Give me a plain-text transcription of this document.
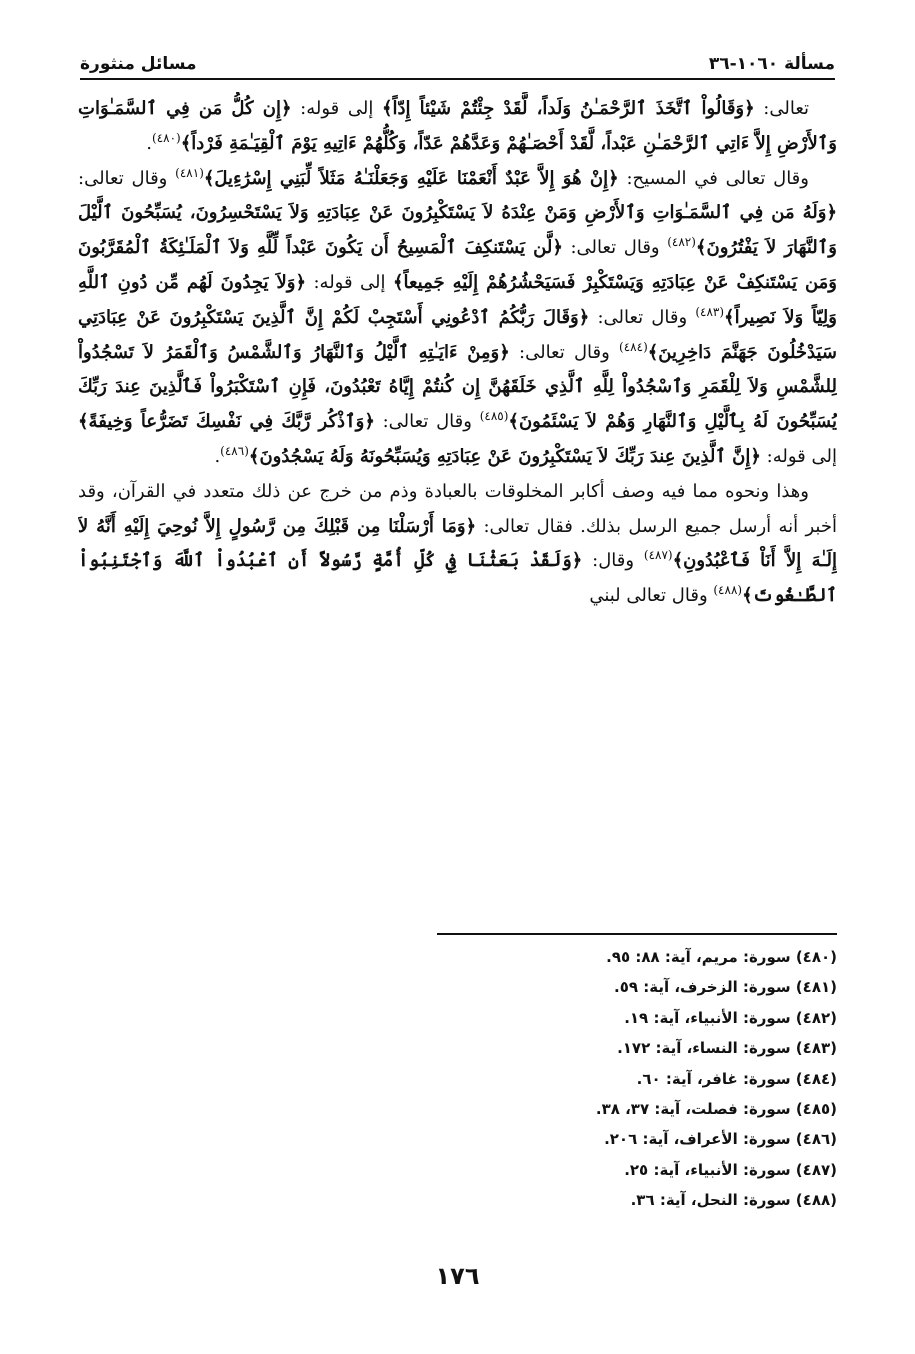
مسألة ١٠٦٠-٣٦
مسائل منثورة

تعالى: ﴿وَقَالُواْ ٱتَّخَذَ ٱلرَّحْمَـٰنُ وَلَداً، لَّقَدْ جِئْتُمْ شَيْئاً إِدّاً﴾ إلى قوله: ﴿إِن كُلُّ مَن فِي ٱلسَّمَـٰوَاتِ وَٱلأَرْضِ إِلاَّ ءَاتِي ٱلرَّحْمَـٰنِ عَبْداً، لَّقَدْ أَحْصَـٰهُمْ وَعَدَّهُمْ عَدّاً، وَكُلُّهُمْ ءَاتِيهِ يَوْمَ ٱلْقِيَـٰمَةِ فَرْداً﴾$^{(٤٨٠)}$.

وقال تعالى في المسيح: ﴿إِنْ هُوَ إِلاَّ عَبْدٌ أَنْعَمْنَا عَلَيْهِ وَجَعَلْنَـٰهُ مَثَلاً لِّبَنِي إِسْرَٰءِيلَ﴾$^{(٤٨١)}$ وقال تعالى: ﴿وَلَهُ مَن فِي ٱلسَّمَـٰوَاتِ وَٱلأَرْضِ وَمَنْ عِنْدَهُ لاَ يَسْتَكْبِرُونَ عَنْ عِبَادَتِهِ وَلاَ يَسْتَحْسِرُونَ، يُسَبِّحُونَ ٱلَّيْلَ وَٱلنَّهَارَ لاَ يَفْتُرُونَ﴾$^{(٤٨٢)}$ وقال تعالى: ﴿لَّن يَسْتَنكِفَ ٱلْمَسِيحُ أَن يَكُونَ عَبْداً لِّلَّهِ وَلاَ ٱلْمَلَـٰئِكَةُ ٱلْمُقَرَّبُونَ وَمَن يَسْتَنكِفْ عَنْ عِبَادَتِهِ وَيَسْتَكْبِرْ فَسَيَحْشُرُهُمْ إِلَيْهِ جَمِيعاً﴾ إلى قوله: ﴿وَلاَ يَجِدُونَ لَهُم مِّن دُونِ ٱللَّهِ وَلِيّاً وَلاَ نَصِيراً﴾$^{(٤٨٣)}$ وقال تعالى: ﴿وَقَالَ رَبُّكُمُ ٱدْعُونِي أَسْتَجِبْ لَكُمْ إِنَّ ٱلَّذِينَ يَسْتَكْبِرُونَ عَنْ عِبَادَتِي سَيَدْخُلُونَ جَهَنَّمَ دَاخِرِينَ﴾$^{(٤٨٤)}$ وقال تعالى: ﴿وَمِنْ ءَايَـٰتِهِ ٱلَّيْلُ وَٱلنَّهَارُ وَٱلشَّمْسُ وَٱلْقَمَرُ لاَ تَسْجُدُواْ لِلشَّمْسِ وَلاَ لِلْقَمَرِ وَٱسْجُدُواْ لِلَّهِ ٱلَّذِي خَلَقَهُنَّ إِن كُنتُمْ إِيَّاهُ تَعْبُدُونَ، فَإِنِ ٱسْتَكْبَرُواْ فَٱلَّذِينَ عِندَ رَبِّكَ يُسَبِّحُونَ لَهُ بِٱلَّيْلِ وَٱلنَّهَارِ وَهُمْ لاَ يَسْئَمُونَ﴾$^{(٤٨٥)}$ وقال تعالى: ﴿وَٱذْكُر رَّبَّكَ فِي نَفْسِكَ تَضَرُّعاً وَخِيفَةً﴾ إلى قوله: ﴿إِنَّ ٱلَّذِينَ عِندَ رَبِّكَ لاَ يَسْتَكْبِرُونَ عَنْ عِبَادَتِهِ وَيُسَبِّحُونَهُ وَلَهُ يَسْجُدُونَ﴾$^{(٤٨٦)}$.

وهذا ونحوه مما فيه وصف أكابر المخلوقات بالعبادة وذم من خرج عن ذلك متعدد في القرآن، وقد أخبر أنه أرسل جميع الرسل بذلك. فقال تعالى: ﴿وَمَا أَرْسَلْنَا مِن قَبْلِكَ مِن رَّسُولٍ إِلاَّ نُوحِيَ إِلَيْهِ أَنَّهُ لاَ إِلَـٰهَ إِلاَّ أَنَاْ فَٱعْبُدُونِ﴾$^{(٤٨٧)}$ وقال: ﴿وَلَقَدْ بَعَثْنَا فِي كُلِّ أُمَّةٍ رَّسُولاً أَنِ ٱعْبُدُواْ ٱللَّهَ وَٱجْتَنِبُواْ ٱلطَّـٰغُوتَ﴾$^{(٤٨٨)}$ وقال تعالى لبني

(٤٨٠) سورة: مريم، آية: ٨٨: ٩٥.
(٤٨١) سورة: الزخرف، آية: ٥٩.
(٤٨٢) سورة: الأنبياء، آية: ١٩.
(٤٨٣) سورة: النساء، آية: ١٧٢.
(٤٨٤) سورة: غافر، آية: ٦٠.
(٤٨٥) سورة: فصلت، آية: ٣٧، ٣٨.
(٤٨٦) سورة: الأعراف، آية: ٢٠٦.
(٤٨٧) سورة: الأنبياء، آية: ٢٥.
(٤٨٨) سورة: النحل، آية: ٣٦.
١٧٦
